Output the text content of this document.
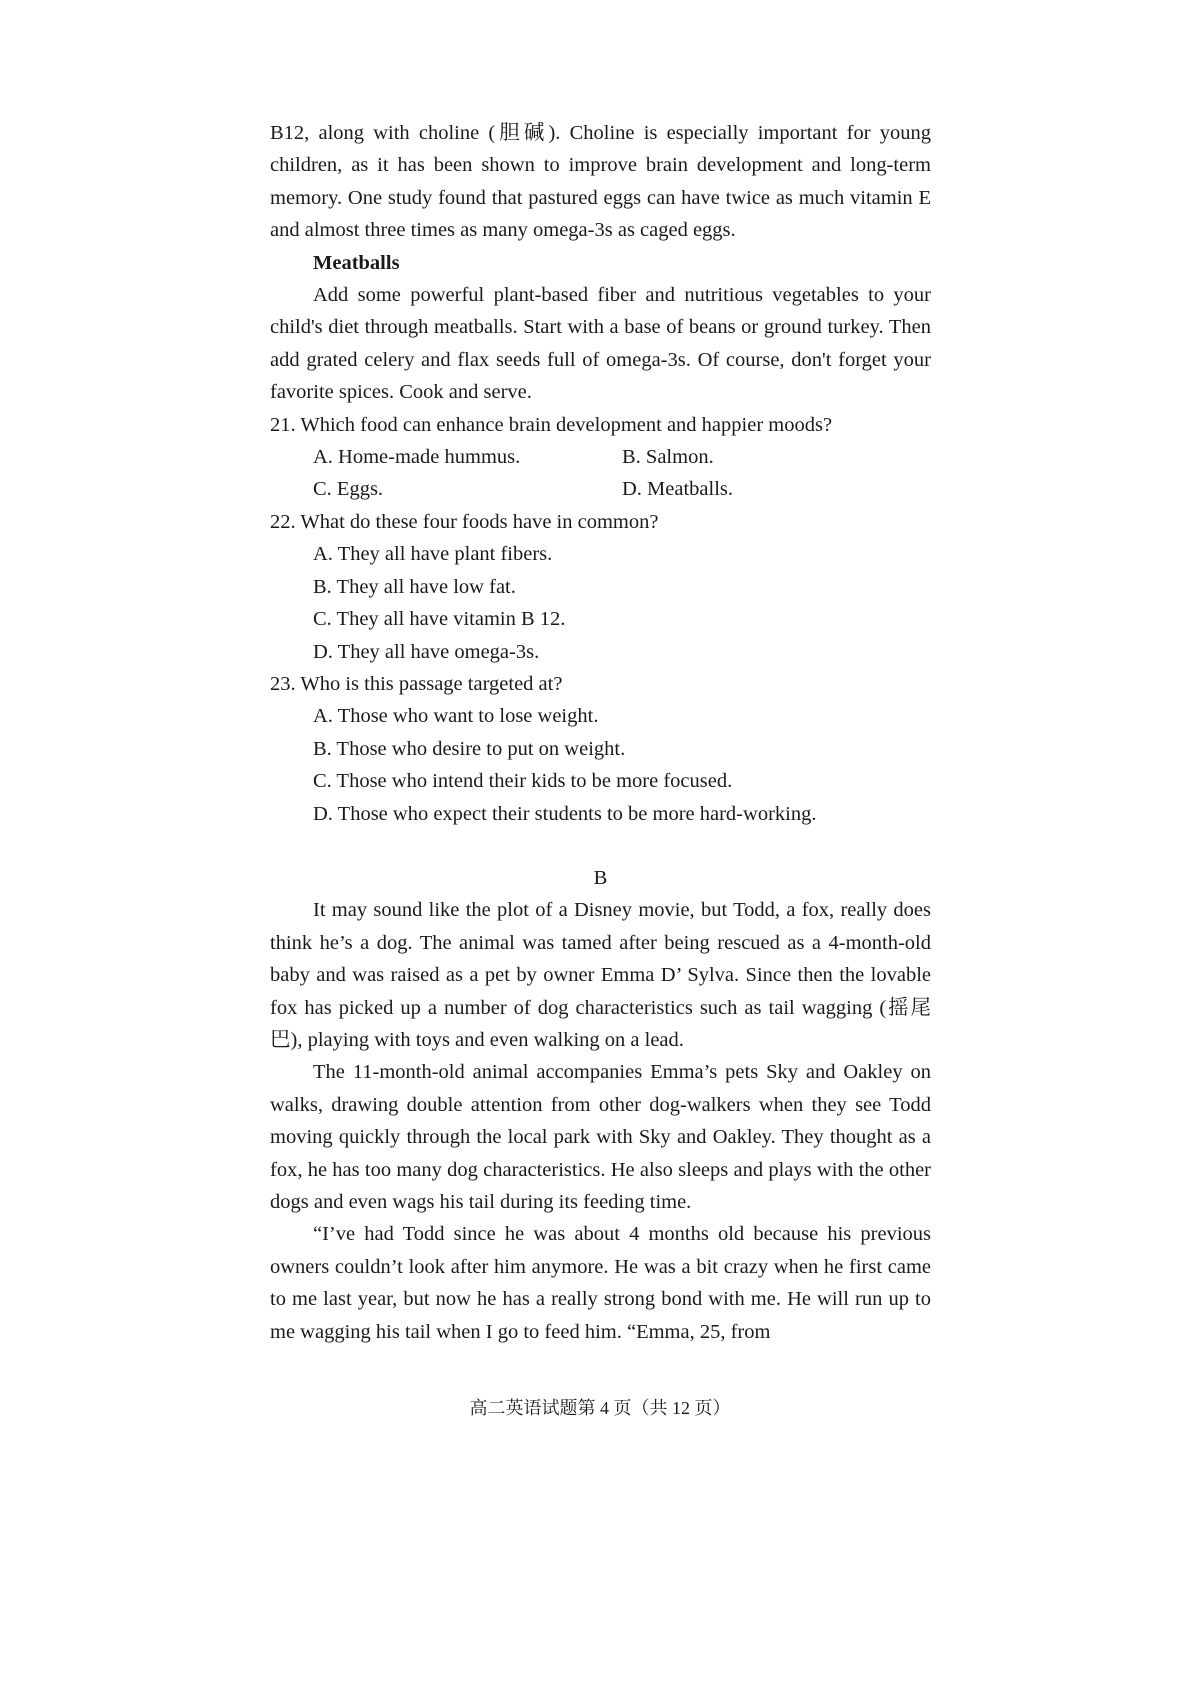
B12, along with choline (胆碱). Choline is especially important for young children, as it has been shown to improve brain development and long-term memory. One study found that pastured eggs can have twice as much vitamin E and almost three times as many omega-3s as caged eggs.

Meatballs

Add some powerful plant-based fiber and nutritious vegetables to your child's diet through meatballs. Start with a base of beans or ground turkey. Then add grated celery and flax seeds full of omega-3s. Of course, don't forget your favorite spices. Cook and serve.

21. Which food can enhance brain development and happier moods?

A. Home-made hummus.	B. Salmon.
C. Eggs.	D. Meatballs.

22. What do these four foods have in common?

A. They all have plant fibers.

B. They all have low fat.

C. They all have vitamin B 12.

D. They all have omega-3s.

23. Who is this passage targeted at?

A. Those who want to lose weight.

B. Those who desire to put on weight.

C. Those who intend their kids to be more focused.

D. Those who expect their students to be more hard-working.

B

It may sound like the plot of a Disney movie, but Todd, a fox, really does think he’s a dog. The animal was tamed after being rescued as a 4-month-old baby and was raised as a pet by owner Emma D’ Sylva. Since then the lovable fox has picked up a number of dog characteristics such as tail wagging (摇尾巴), playing with toys and even walking on a lead.

The 11-month-old animal accompanies Emma’s pets Sky and Oakley on walks, drawing double attention from other dog-walkers when they see Todd moving quickly through the local park with Sky and Oakley. They thought as a fox, he has too many dog characteristics. He also sleeps and plays with the other dogs and even wags his tail during its feeding time.

“I’ve had Todd since he was about 4 months old because his previous owners couldn’t look after him anymore. He was a bit crazy when he first came to me last year, but now he has a really strong bond with me. He will run up to me wagging his tail when I go to feed him. “Emma, 25, from

高二英语试题第 4 页（共 12 页）
